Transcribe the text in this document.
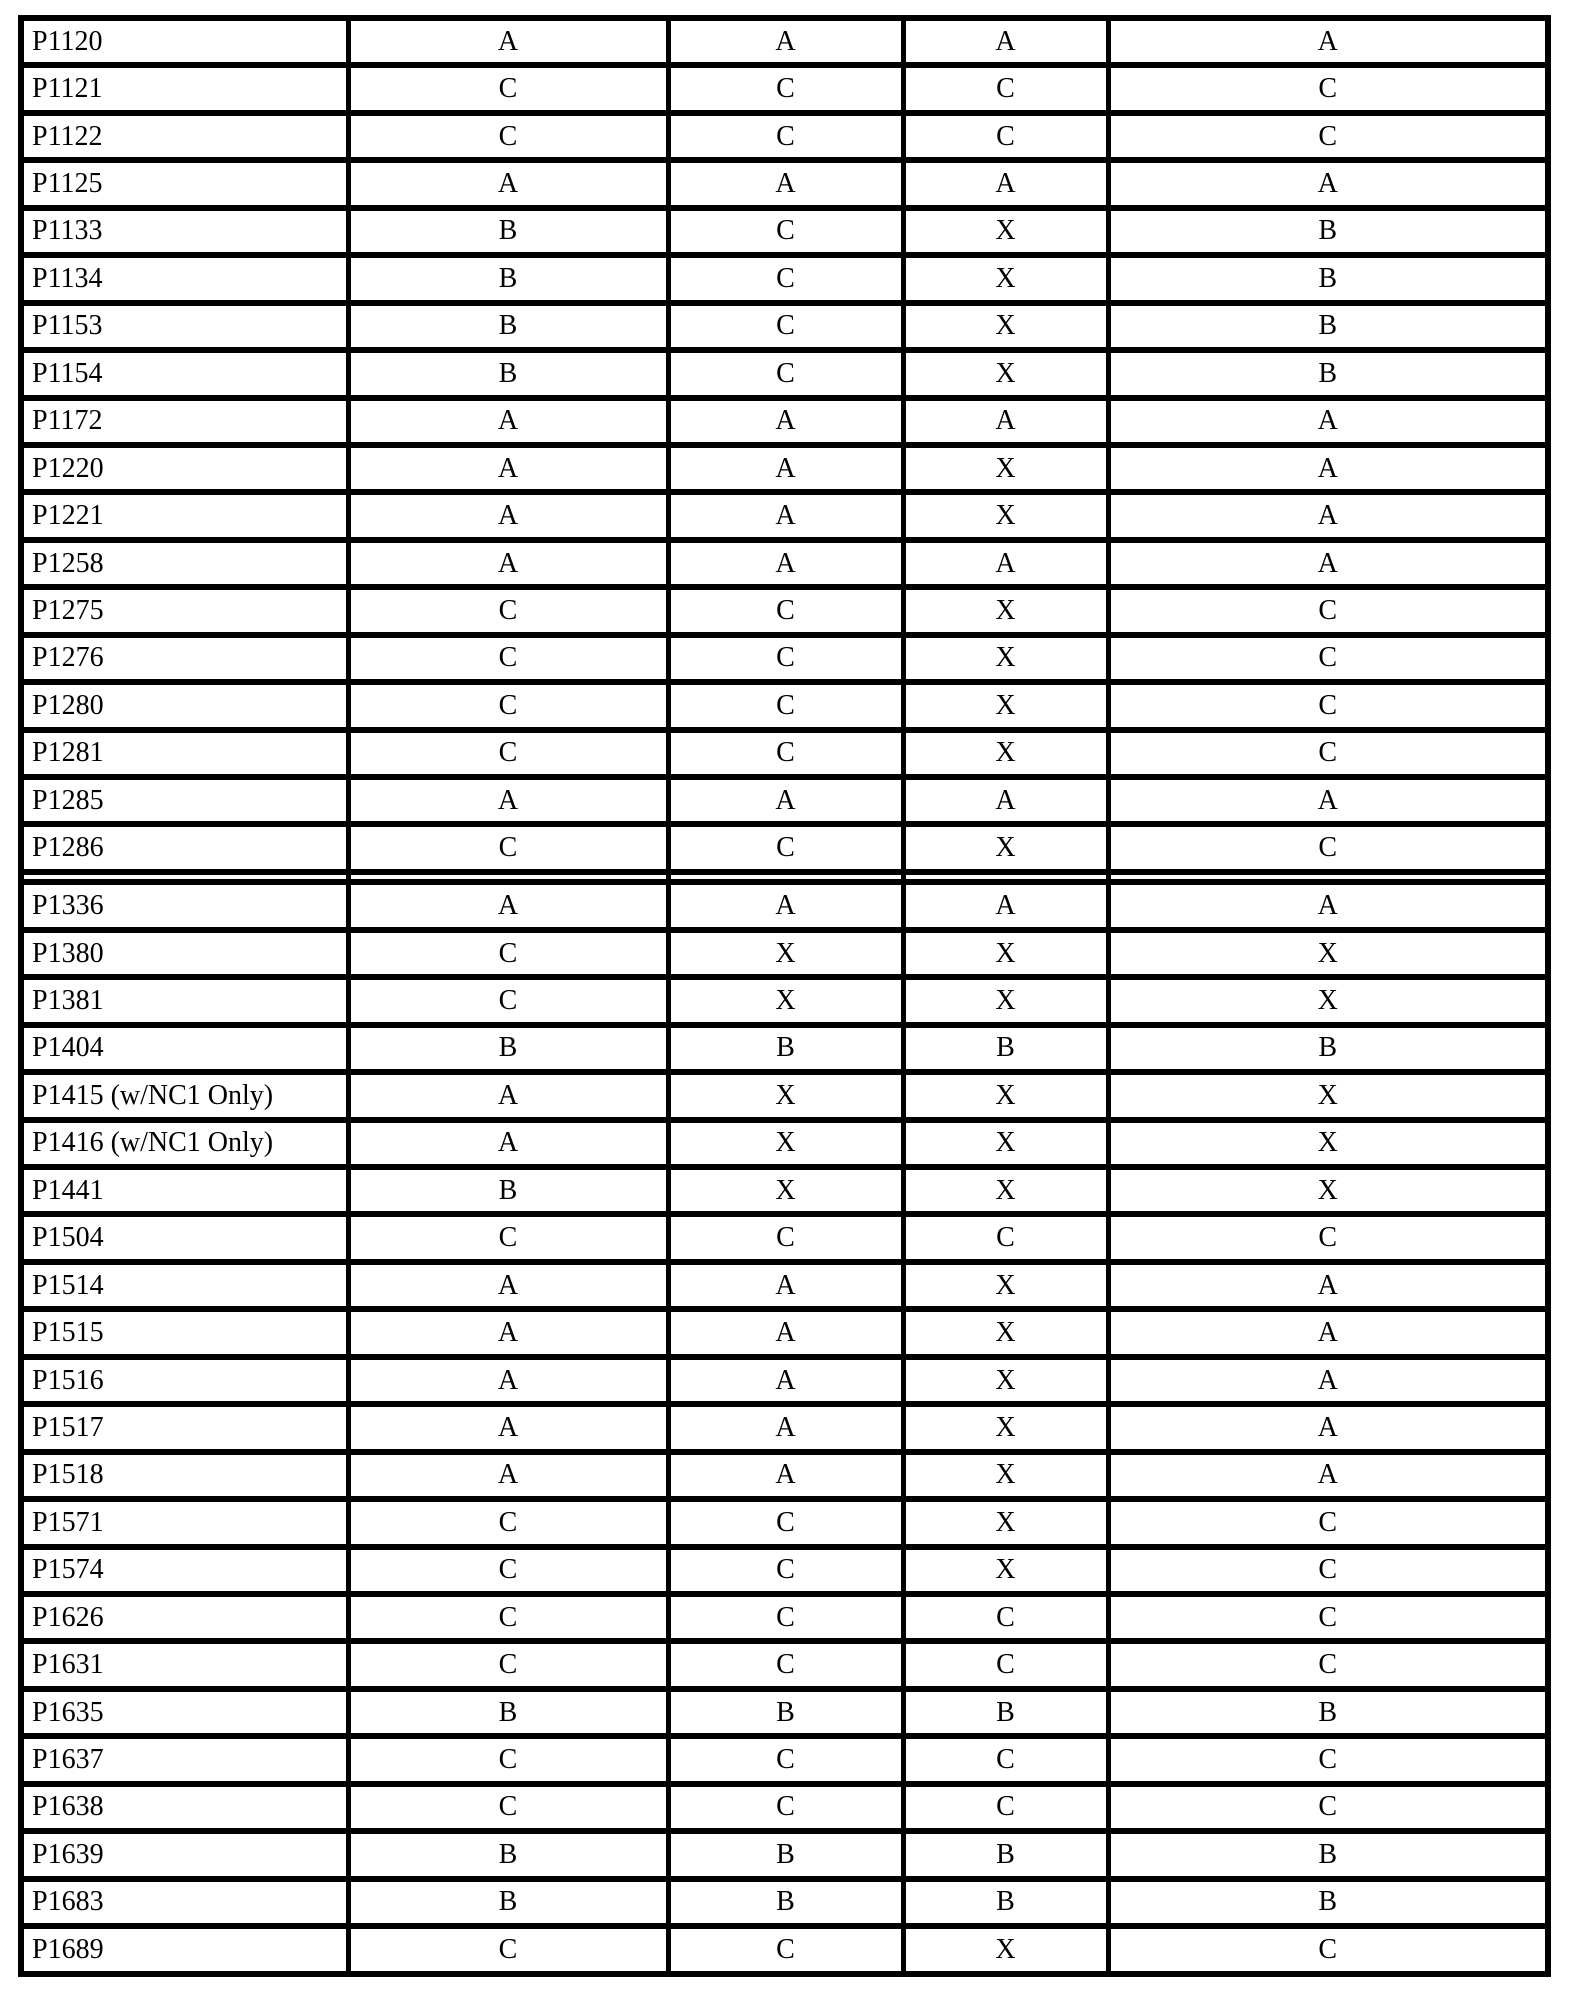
P1120	A	A	A	A
P1121	C	C	C	C
P1122	C	C	C	C
P1125	A	A	A	A
P1133	B	C	X	B
P1134	B	C	X	B
P1153	B	C	X	B
P1154	B	C	X	B
P1172	A	A	A	A
P1220	A	A	X	A
P1221	A	A	X	A
P1258	A	A	A	A
P1275	C	C	X	C
P1276	C	C	X	C
P1280	C	C	X	C
P1281	C	C	X	C
P1285	A	A	A	A
P1286	C	C	X	C

P1336	A	A	A	A
P1380	C	X	X	X
P1381	C	X	X	X
P1404	B	B	B	B
P1415 (w/NC1 Only)	A	X	X	X
P1416 (w/NC1 Only)	A	X	X	X
P1441	B	X	X	X
P1504	C	C	C	C
P1514	A	A	X	A
P1515	A	A	X	A
P1516	A	A	X	A
P1517	A	A	X	A
P1518	A	A	X	A
P1571	C	C	X	C
P1574	C	C	X	C
P1626	C	C	C	C
P1631	C	C	C	C
P1635	B	B	B	B
P1637	C	C	C	C
P1638	C	C	C	C
P1639	B	B	B	B
P1683	B	B	B	B
P1689	C	C	X	C
